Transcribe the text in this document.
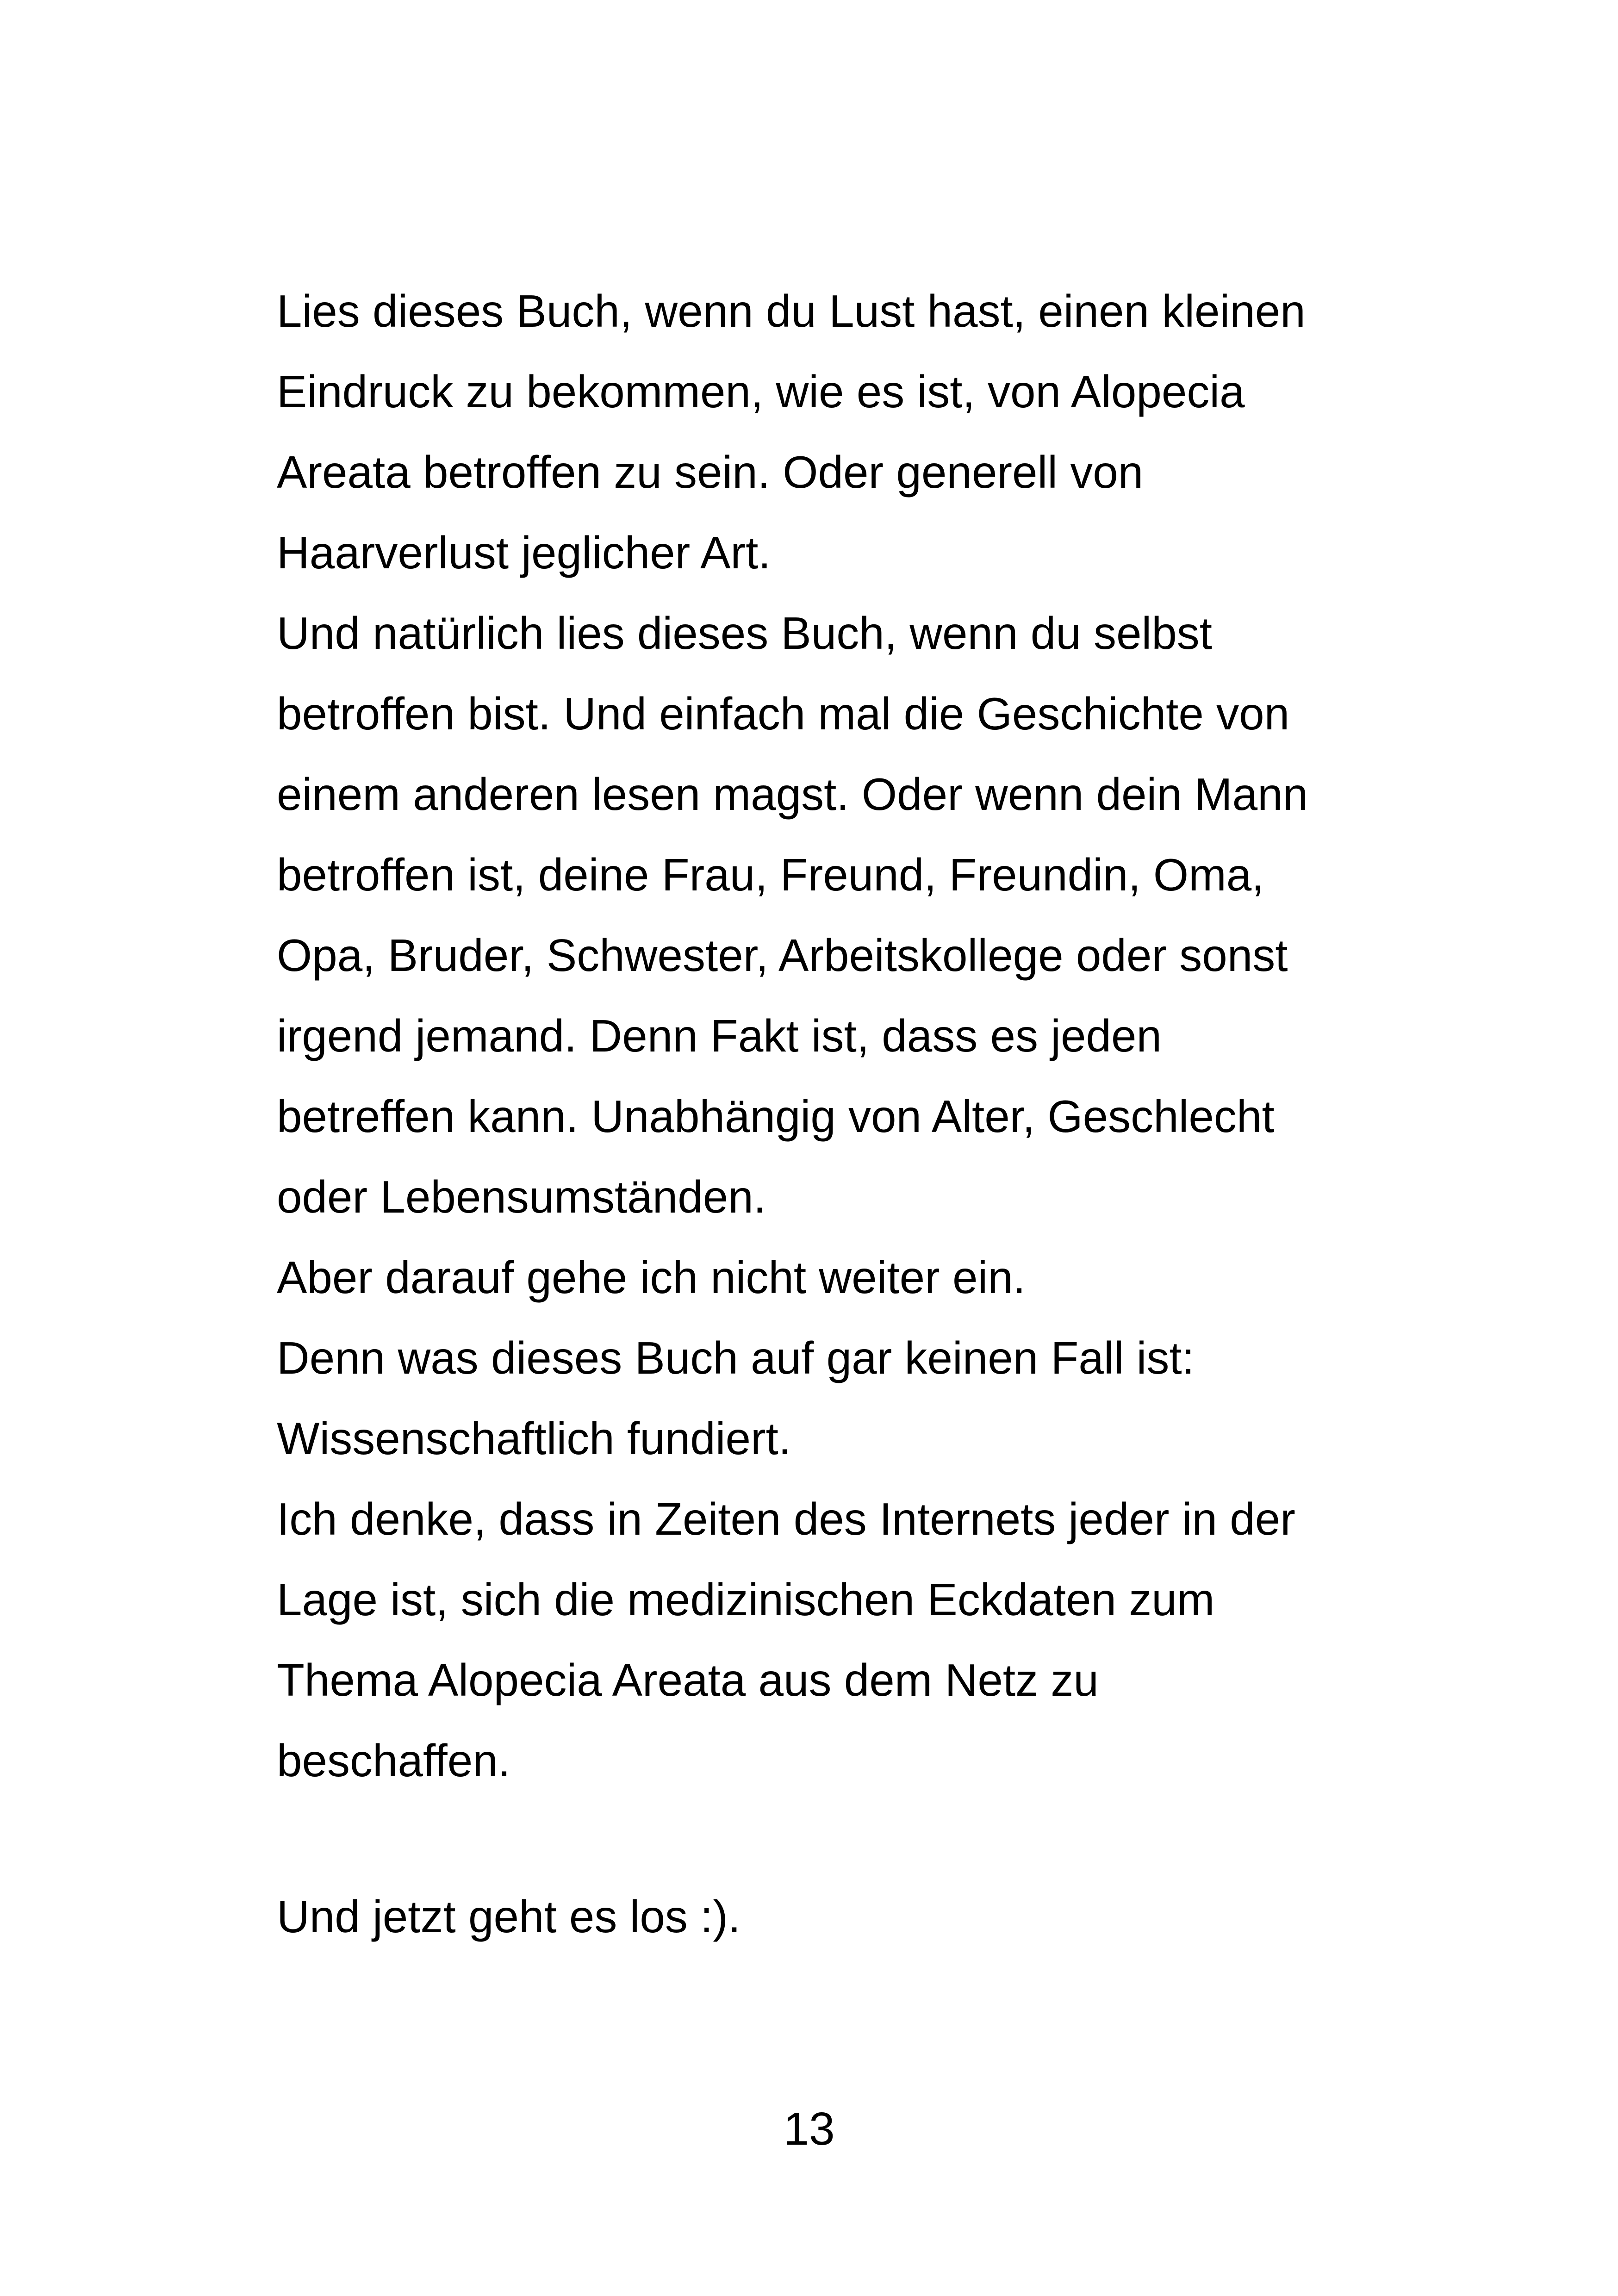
Lies dieses Buch, wenn du Lust hast, einen kleinen
Eindruck zu bekommen, wie es ist, von Alopecia
Areata betroffen zu sein. Oder generell von
Haarverlust jeglicher Art.
Und natürlich lies dieses Buch, wenn du selbst
betroffen bist. Und einfach mal die Geschichte von
einem anderen lesen magst. Oder wenn dein Mann
betroffen ist, deine Frau, Freund, Freundin, Oma,
Opa, Bruder, Schwester, Arbeitskollege oder sonst
irgend jemand. Denn Fakt ist, dass es jeden
betreffen kann. Unabhängig von Alter, Geschlecht
oder Lebensumständen.
Aber darauf gehe ich nicht weiter ein.
Denn was dieses Buch auf gar keinen Fall ist:
Wissenschaftlich fundiert.
Ich denke, dass in Zeiten des Internets jeder in der
Lage ist, sich die medizinischen Eckdaten zum
Thema Alopecia Areata aus dem Netz zu
beschaffen.
Und jetzt geht es los :).
13
